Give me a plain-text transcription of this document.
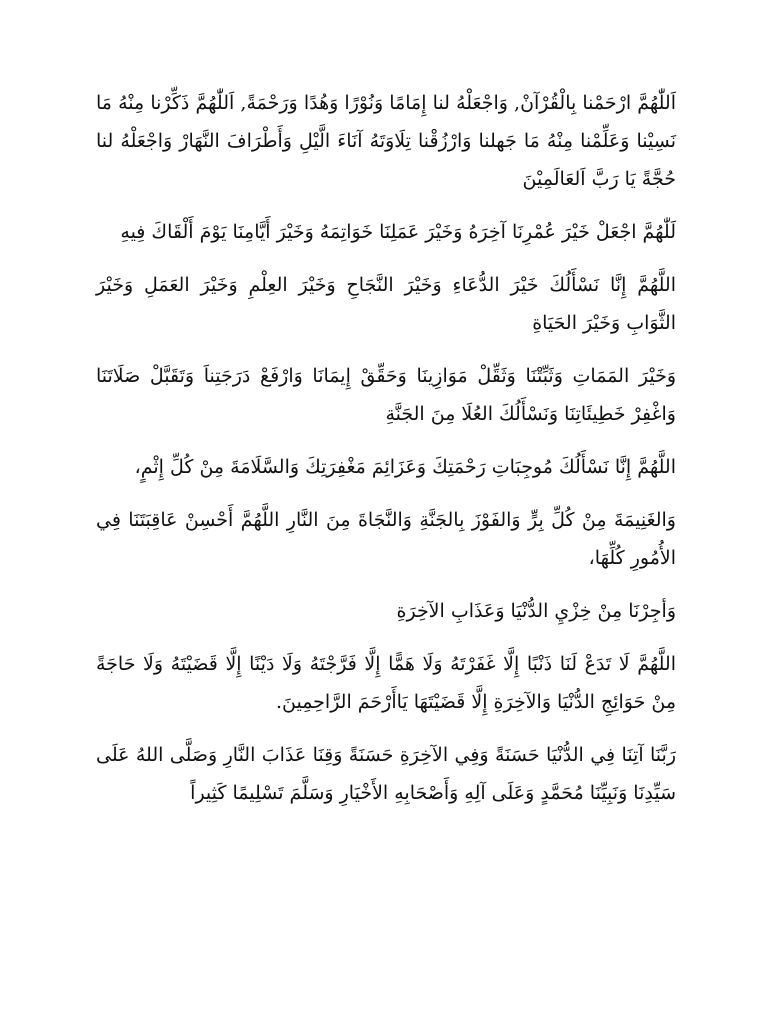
اَللّٰهُمَّ ارْحَمْنا بِالْقُرْآنْ, وَاجْعَلْهُ لنا إِمَامًا وَنُوْرًا وَهُدًا وَرَحْمَةً, اَللّٰهُمَّ ذَكِّرْنا مِنْهُ مَا نَسِيْنا وَعَلِّمْنا مِنْهُ مَا جَهلنا وَارْزُقْنا تِلَاوَتَهُ آنَاءَ الَّيْلِ وَأَطْرَافَ النَّهَارْ وَاجْعَلْهُ لنا حُجَّةً يَا رَبَّ اَلعَالَمِيْنَ

لَلّٰهُمَّ اجْعَلْ خَيْرَ عُمْرِنَا آخِرَهُ وَخَيْرَ عَمَلِنَا خَوَاتِمَهُ وَخَيْرَ أَيَّامِنَا يَوْمَ أَلْقَاكَ فِيهِ

اللَّهُمَّ إِنَّا نَسْأَلُكَ خَيْرَ الدُّعَاءِ وَخَيْرَ النَّجَاحِ وَخَيْرَ العِلْمِ وَخَيْرَ العَمَلِ وَخَيْرَ الثَّوَابِ وَخَيْرَ الحَيَاةِ

وَخَيْرَ المَمَاتِ وَثَبِّتْنَا وَثَقِّلْ مَوَازِينَا وَحَقِّقْ إِيمَانَا وَارْفَعْ دَرَجَتِناَ وَتَقَبَّلْ صَلَاتَنَا وَاغْفِرْ خَطِيئَاتِنَا وَنَسْأَلُكَ العُلَا مِنَ الجَنَّةِ

اللَّهُمَّ إِنَّا نَسْأَلُكَ مُوجِبَاتِ رَحْمَتِكَ وَعَزَائِمَ مَغْفِرَتِكَ وَالسَّلَامَةَ مِنْ كُلِّ إِثْمٍ،

وَالغَنِيمَةَ مِنْ كُلِّ بِرٍّ وَالفَوْزَ بِالجَنَّةِ وَالنَّجَاةَ مِنَ النَّارِ اللَّهُمَّ أَحْسِنْ عَاقِبَتَنَا فِي الأُمُورِ كُلِّهَا،

وَأجِرْنَا مِنْ خِزْيِ الدُّنْيَا وَعَذَابِ الآخِرَةِ

اللَّهُمَّ لَا تَدَعْ لَنَا ذَنْبًا إِلَّا غَفَرْتَهُ وَلَا هَمًّا إِلَّا فَرَّجْتَهُ وَلَا دَيْنًا إِلَّا قَضَيْتَهُ وَلَا حَاجَةً مِنْ حَوَائِجِ الدُّنْيَا وَالآخِرَةِ إِلَّا قَضَيْتَهَا يَاأَرْحَمَ الرَّاحِمِينَ.

رَبَّنَا آتِنَا فِي الدُّنْيَا حَسَنَةً وَفِي الآخِرَةِ حَسَنَةً وَقِنَا عَذَابَ النَّارِ وَصَلَّى اللهُ عَلَى سَيِّدِنَا وَنَبِيِّنَا مُحَمَّدٍ وَعَلَى آلِهِ وَأَصْحَابِهِ الأَخْيَارِ وَسَلَّمَ تَسْلِيمًا كَثِيراً
